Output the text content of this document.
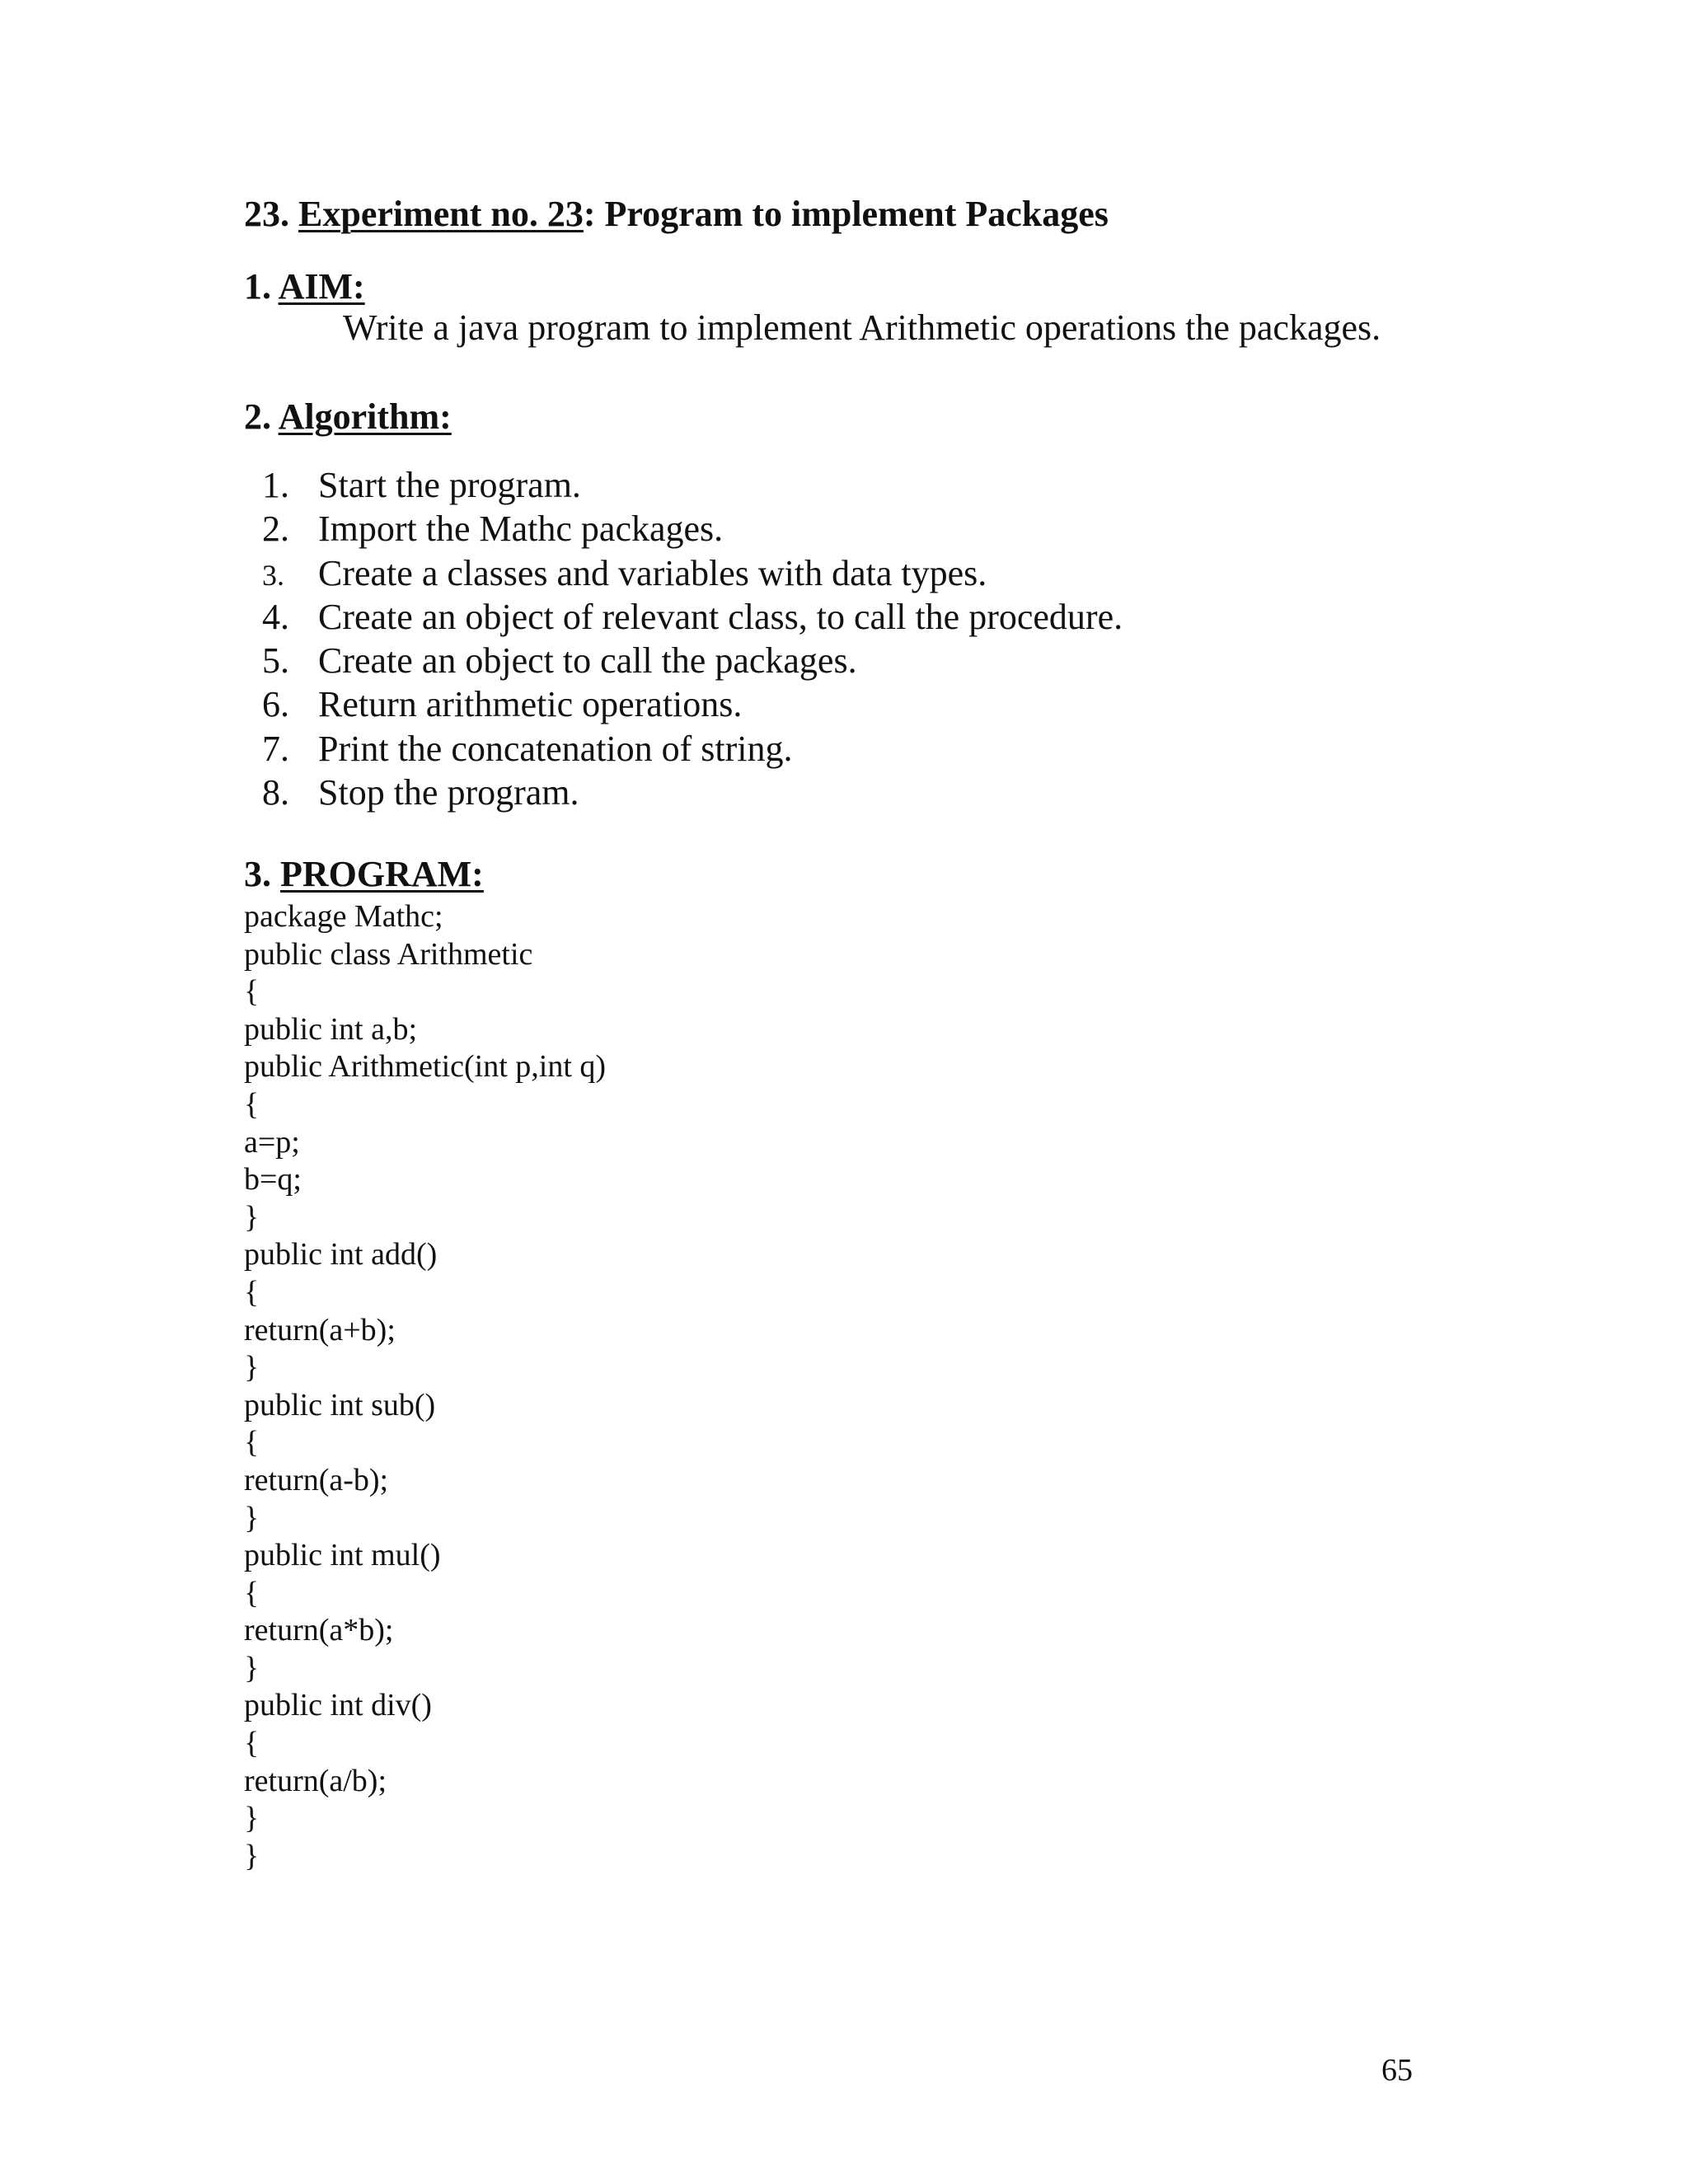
23. Experiment no. 23: Program to implement Packages
1. AIM:
Write a java program to implement Arithmetic operations the packages.
2. Algorithm:
1. Start the program.
2. Import the Mathc packages.
3. Create a classes and variables with data types.
4. Create an object of relevant class, to call the procedure.
5. Create an object to call the packages.
6. Return arithmetic operations.
7. Print the concatenation of string.
8. Stop the program.
3. PROGRAM:
package Mathc;
public class Arithmetic
{
public int a,b;
public Arithmetic(int p,int q)
{
a=p;
b=q;
}
public int add()
{
return(a+b);
}
public int sub()
{
return(a-b);
}
public int mul()
{
return(a*b);
}
public int div()
{
return(a/b);
}
}
65
